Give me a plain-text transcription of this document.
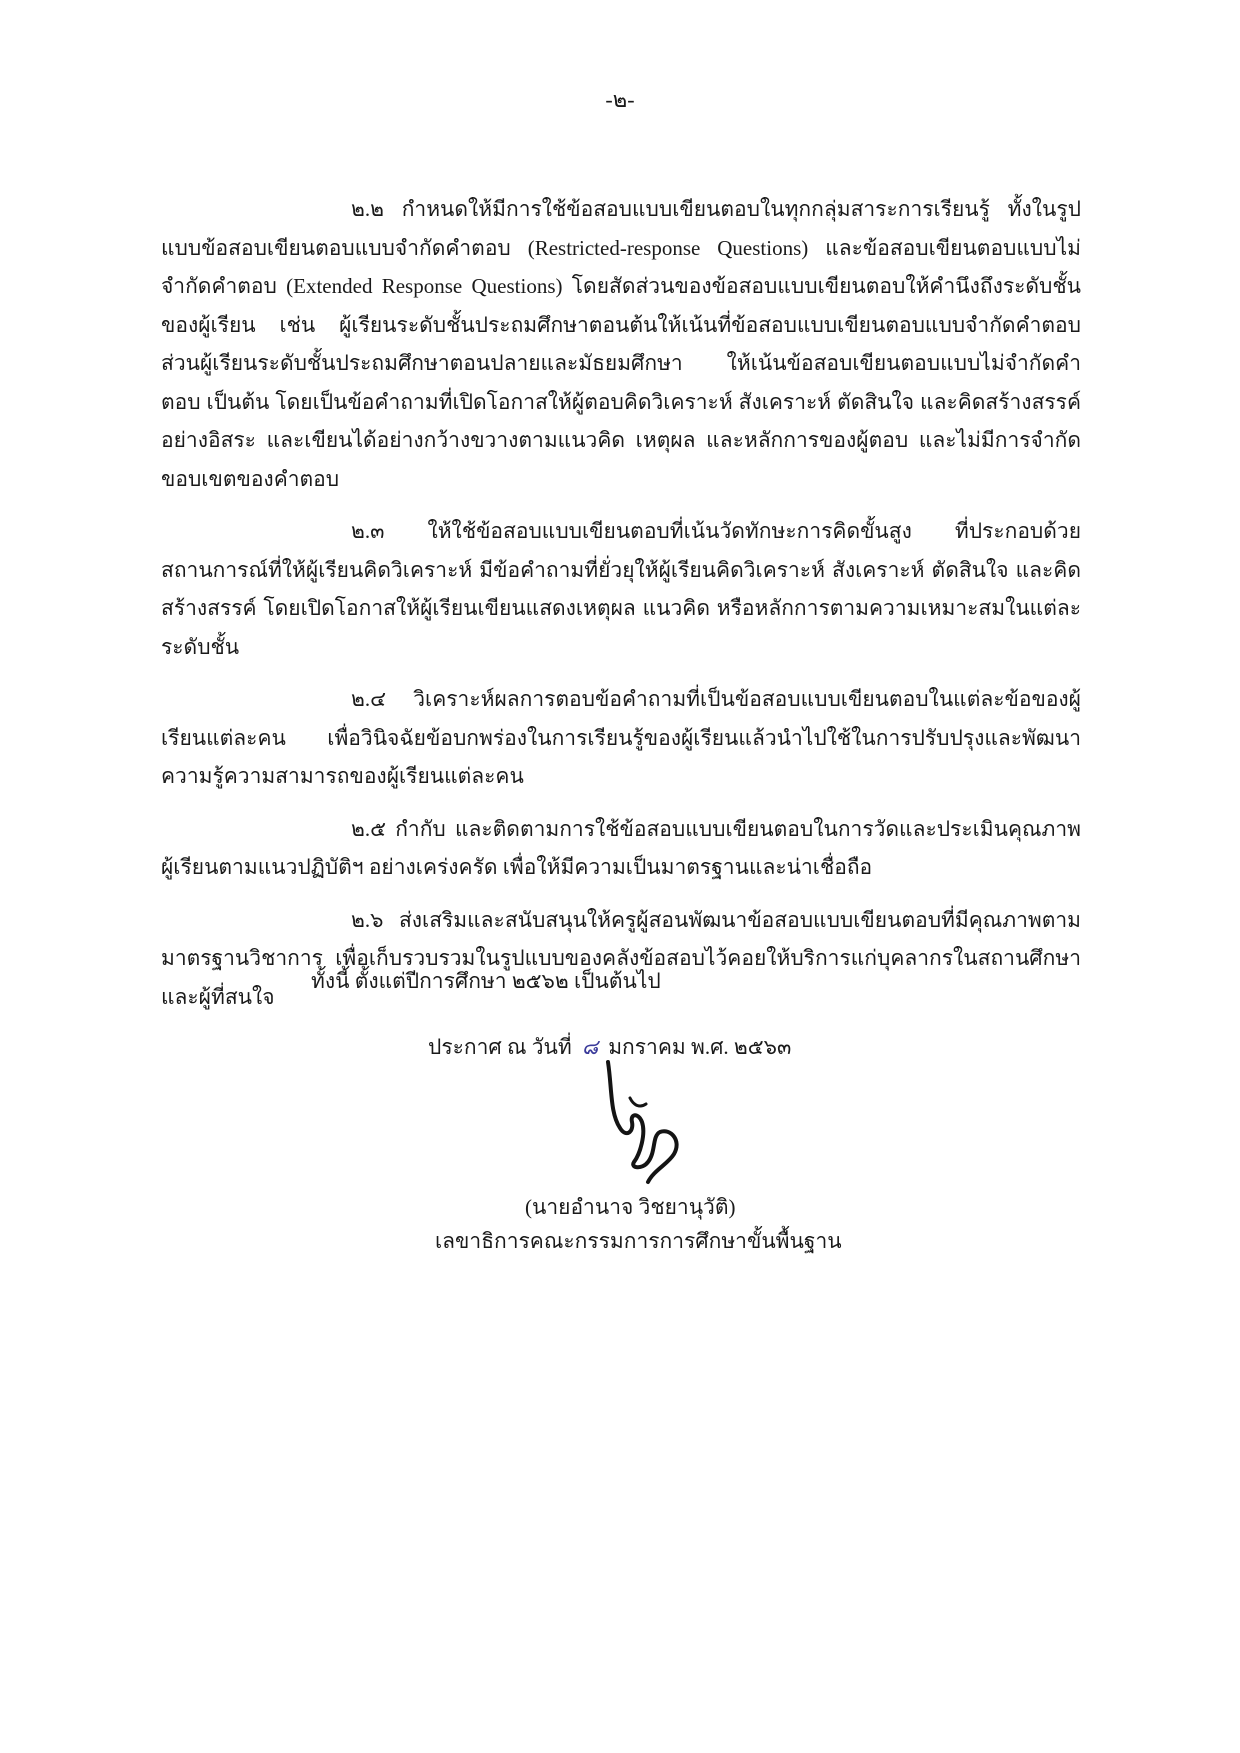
-๒-

๒.๒ กำหนดให้มีการใช้ข้อสอบแบบเขียนตอบในทุกกลุ่มสาระการเรียนรู้ ทั้งในรูปแบบข้อสอบเขียนตอบแบบจำกัดคำตอบ (Restricted-response Questions) และข้อสอบเขียนตอบแบบไม่จำกัดคำตอบ (Extended Response Questions) โดยสัดส่วนของข้อสอบแบบเขียนตอบให้คำนึงถึงระดับชั้นของผู้เรียน เช่น ผู้เรียนระดับชั้นประถมศึกษาตอนต้นให้เน้นที่ข้อสอบแบบเขียนตอบแบบจำกัดคำตอบ ส่วนผู้เรียนระดับชั้นประถมศึกษาตอนปลายและมัธยมศึกษา ให้เน้นข้อสอบเขียนตอบแบบไม่จำกัดคำตอบ เป็นต้น โดยเป็นข้อคำถามที่เปิดโอกาสให้ผู้ตอบคิดวิเคราะห์ สังเคราะห์ ตัดสินใจ และคิดสร้างสรรค์อย่างอิสระ และเขียนได้อย่างกว้างขวางตามแนวคิด เหตุผล และหลักการของผู้ตอบ และไม่มีการจำกัดขอบเขตของคำตอบ

๒.๓ ให้ใช้ข้อสอบแบบเขียนตอบที่เน้นวัดทักษะการคิดขั้นสูง ที่ประกอบด้วยสถานการณ์ที่ให้ผู้เรียนคิดวิเคราะห์ มีข้อคำถามที่ยั่วยุให้ผู้เรียนคิดวิเคราะห์ สังเคราะห์ ตัดสินใจ และคิดสร้างสรรค์ โดยเปิดโอกาสให้ผู้เรียนเขียนแสดงเหตุผล แนวคิด หรือหลักการตามความเหมาะสมในแต่ละระดับชั้น

๒.๔ วิเคราะห์ผลการตอบข้อคำถามที่เป็นข้อสอบแบบเขียนตอบในแต่ละข้อของผู้เรียนแต่ละคน เพื่อวินิจฉัยข้อบกพร่องในการเรียนรู้ของผู้เรียนแล้วนำไปใช้ในการปรับปรุงและพัฒนาความรู้ความสามารถของผู้เรียนแต่ละคน

๒.๕ กำกับ และติดตามการใช้ข้อสอบแบบเขียนตอบในการวัดและประเมินคุณภาพผู้เรียนตามแนวปฏิบัติฯ อย่างเคร่งครัด เพื่อให้มีความเป็นมาตรฐานและน่าเชื่อถือ

๒.๖ ส่งเสริมและสนับสนุนให้ครูผู้สอนพัฒนาข้อสอบแบบเขียนตอบที่มีคุณภาพตามมาตรฐานวิชาการ เพื่อเก็บรวบรวมในรูปแบบของคลังข้อสอบไว้คอยให้บริการแก่บุคลากรในสถานศึกษาและผู้ที่สนใจ

ทั้งนี้ ตั้งแต่ปีการศึกษา ๒๕๖๒ เป็นต้นไป
ประกาศ ณ วันที่ ๘ มกราคม พ.ศ. ๒๕๖๓
(นายอำนาจ วิชยานุวัติ)
เลขาธิการคณะกรรมการการศึกษาขั้นพื้นฐาน
